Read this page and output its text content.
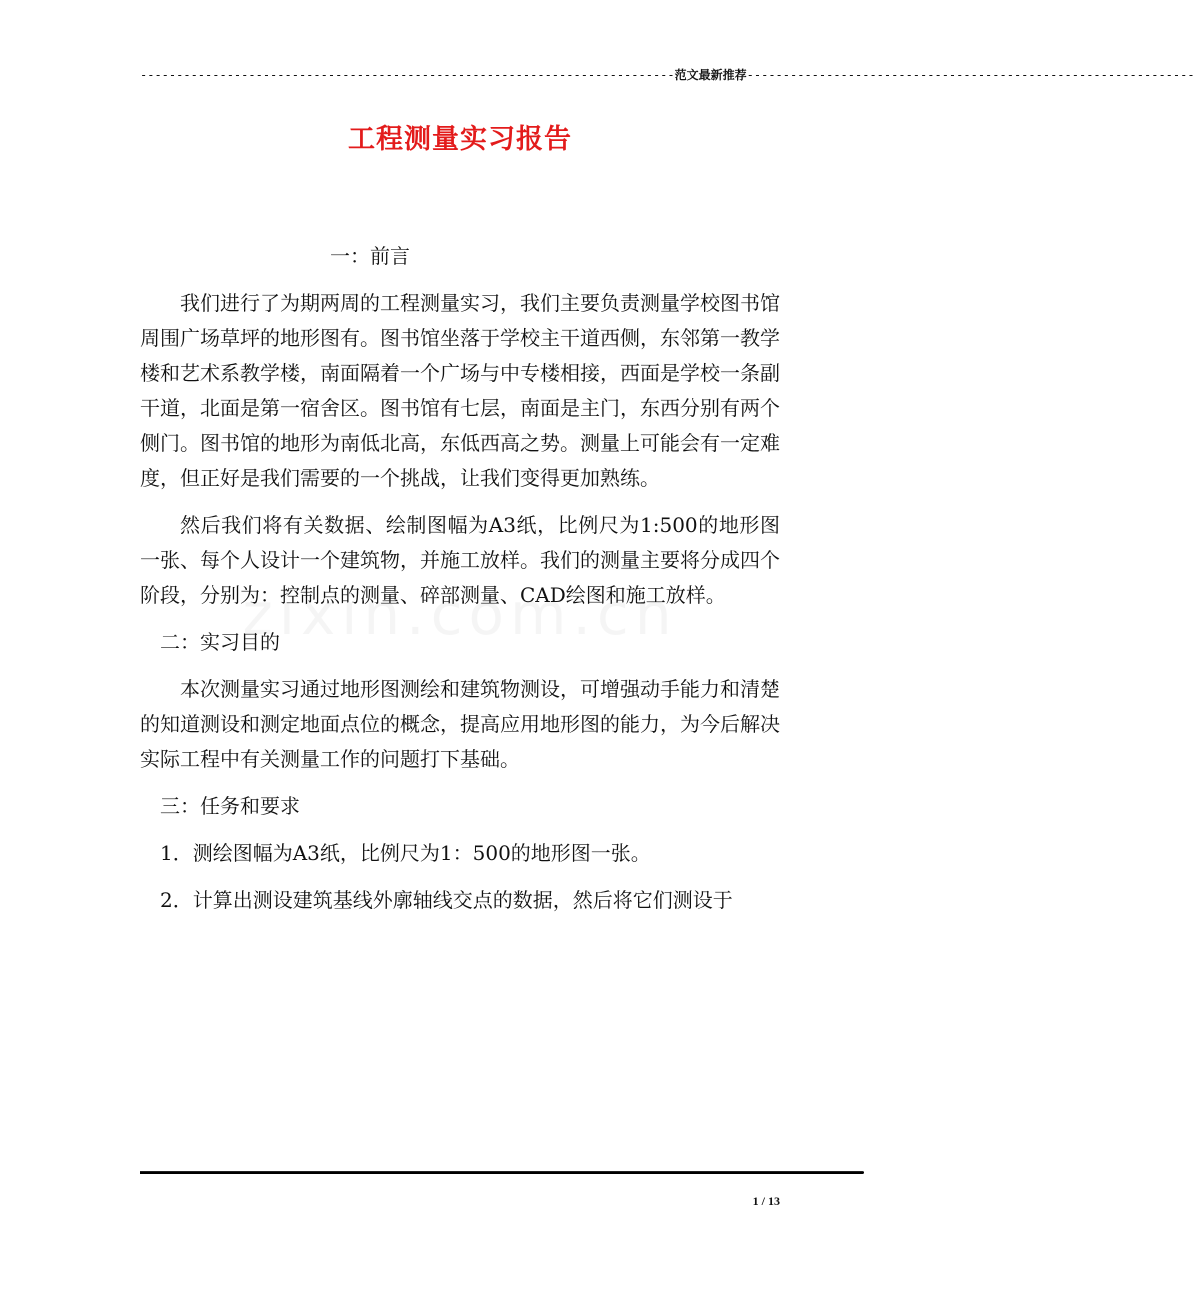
--------------------------------------------------------------------------范文最新推荐--------------------------------------------------------------
工程测量实习报告

一：前言

我们进行了为期两周的工程测量实习，我们主要负责测量学校图书馆周围广场草坪的地形图有。图书馆坐落于学校主干道西侧，东邻第一教学楼和艺术系教学楼，南面隔着一个广场与中专楼相接，西面是学校一条副干道，北面是第一宿舍区。图书馆有七层，南面是主门，东西分别有两个侧门。图书馆的地形为南低北高，东低西高之势。测量上可能会有一定难度，但正好是我们需要的一个挑战，让我们变得更加熟练。

然后我们将有关数据、绘制图幅为A3纸，比例尺为1:500的地形图一张、每个人设计一个建筑物，并施工放样。我们的测量主要将分成四个阶段，分别为：控制点的测量、碎部测量、CAD绘图和施工放样。

二：实习目的

本次测量实习通过地形图测绘和建筑物测设，可增强动手能力和清楚的知道测设和测定地面点位的概念，提高应用地形图的能力，为今后解决实际工程中有关测量工作的问题打下基础。

三：任务和要求

1．测绘图幅为A3纸，比例尺为1：500的地形图一张。

2．计算出测设建筑基线外廓轴线交点的数据，然后将它们测设于

1 / 13
